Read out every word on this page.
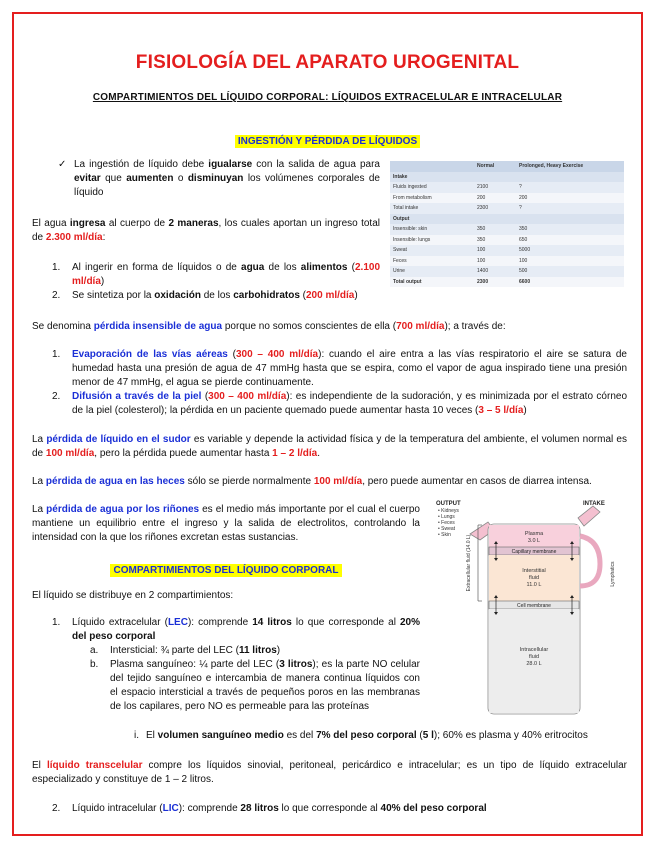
FISIOLOGÍA DEL APARATO UROGENITAL
COMPARTIMIENTOS DEL LÍQUIDO CORPORAL: LÍQUIDOS EXTRACELULAR E INTRACELULAR
INGESTIÓN Y PÉRDIDA DE LÍQUIDOS
✓ La ingestión de líquido debe igualarse con la salida de agua para evitar que aumenten o disminuyan los volúmenes corporales de líquido
El agua ingresa al cuerpo de 2 maneras, los cuales aportan un ingreso total de 2.300 ml/día:
1. Al ingerir en forma de líquidos o de agua de los alimentos (2.100 ml/día)
2. Se sintetiza por la oxidación de los carbohidratos (200 ml/día)
	Normal	Prolonged, Heavy Exercise
Intake		
Fluids ingested	2100	?
From metabolism	200	200
Total intake	2300	?
Output		
Insensible: skin	350	350
Insensible: lungs	350	650
Sweat	100	5000
Feces	100	100
Urine	1400	500
Total output	2300	6600
Se denomina pérdida insensible de agua porque no somos conscientes de ella (700 ml/día); a través de:
1. Evaporación de las vías aéreas (300 – 400 ml/día): cuando el aire entra a las vías respiratorio el aire se satura de humedad hasta una presión de agua de 47 mmHg hasta que se espira, como el vapor de agua inspirado tiene una presión menor de 47 mmHg, el agua se pierde continuamente.
2. Difusión a través de la piel (300 – 400 ml/día): es independiente de la sudoración, y es minimizada por el estrato córneo de la piel (colesterol); la pérdida en un paciente quemado puede aumentar hasta 10 veces (3 – 5 l/día)
La pérdida de líquido en el sudor es variable y depende la actividad física y de la temperatura del ambiente, el volumen normal es de 100 ml/día, pero la pérdida puede aumentar hasta 1 – 2 l/día.
La pérdida de agua en las heces sólo se pierde normalmente 100 ml/día, pero puede aumentar en casos de diarrea intensa.
La pérdida de agua por los riñones es el medio más importante por el cual el cuerpo mantiene un equilibrio entre el ingreso y la salida de electrolitos, controlando la intensidad con la que los riñones excretan estas sustancias.
COMPARTIMIENTOS DEL LÍQUIDO CORPORAL
El líquido se distribuye en 2 compartimientos:
1. Líquido extracelular (LEC): comprende 14 litros lo que corresponde al 20% del peso corporal
a. Intersticial: ¾ parte del LEC (11 litros)
b. Plasma sanguíneo: ¼ parte del LEC (3 litros); es la parte NO celular del tejido sanguíneo e intercambia de manera continua líquidos con el espacio intersticial a través de pequeños poros en las membranas de los capilares, pero NO es permeable para las proteínas
i. El volumen sanguíneo medio es del 7% del peso corporal (5 l); 60% es plasma y 40% eritrocitos
El líquido transcelular compre los líquidos sinovial, peritoneal, pericárdico e intracelular; es un tipo de líquido extracelular especializado y constituye de 1 – 2 litros.
2. Líquido intracelular (LIC): comprende 28 litros lo que corresponde al 40% del peso corporal
OUTPUT
• Kidneys
• Lungs
• Feces
• Sweat
• Skin
INTAKE
Plasma
3.0 L
Capillary membrane
Interstitial
fluid
11.0 L
Cell membrane
Intracellular
fluid
28.0 L
Lymphatics
Extracellular fluid (14.0 L)
